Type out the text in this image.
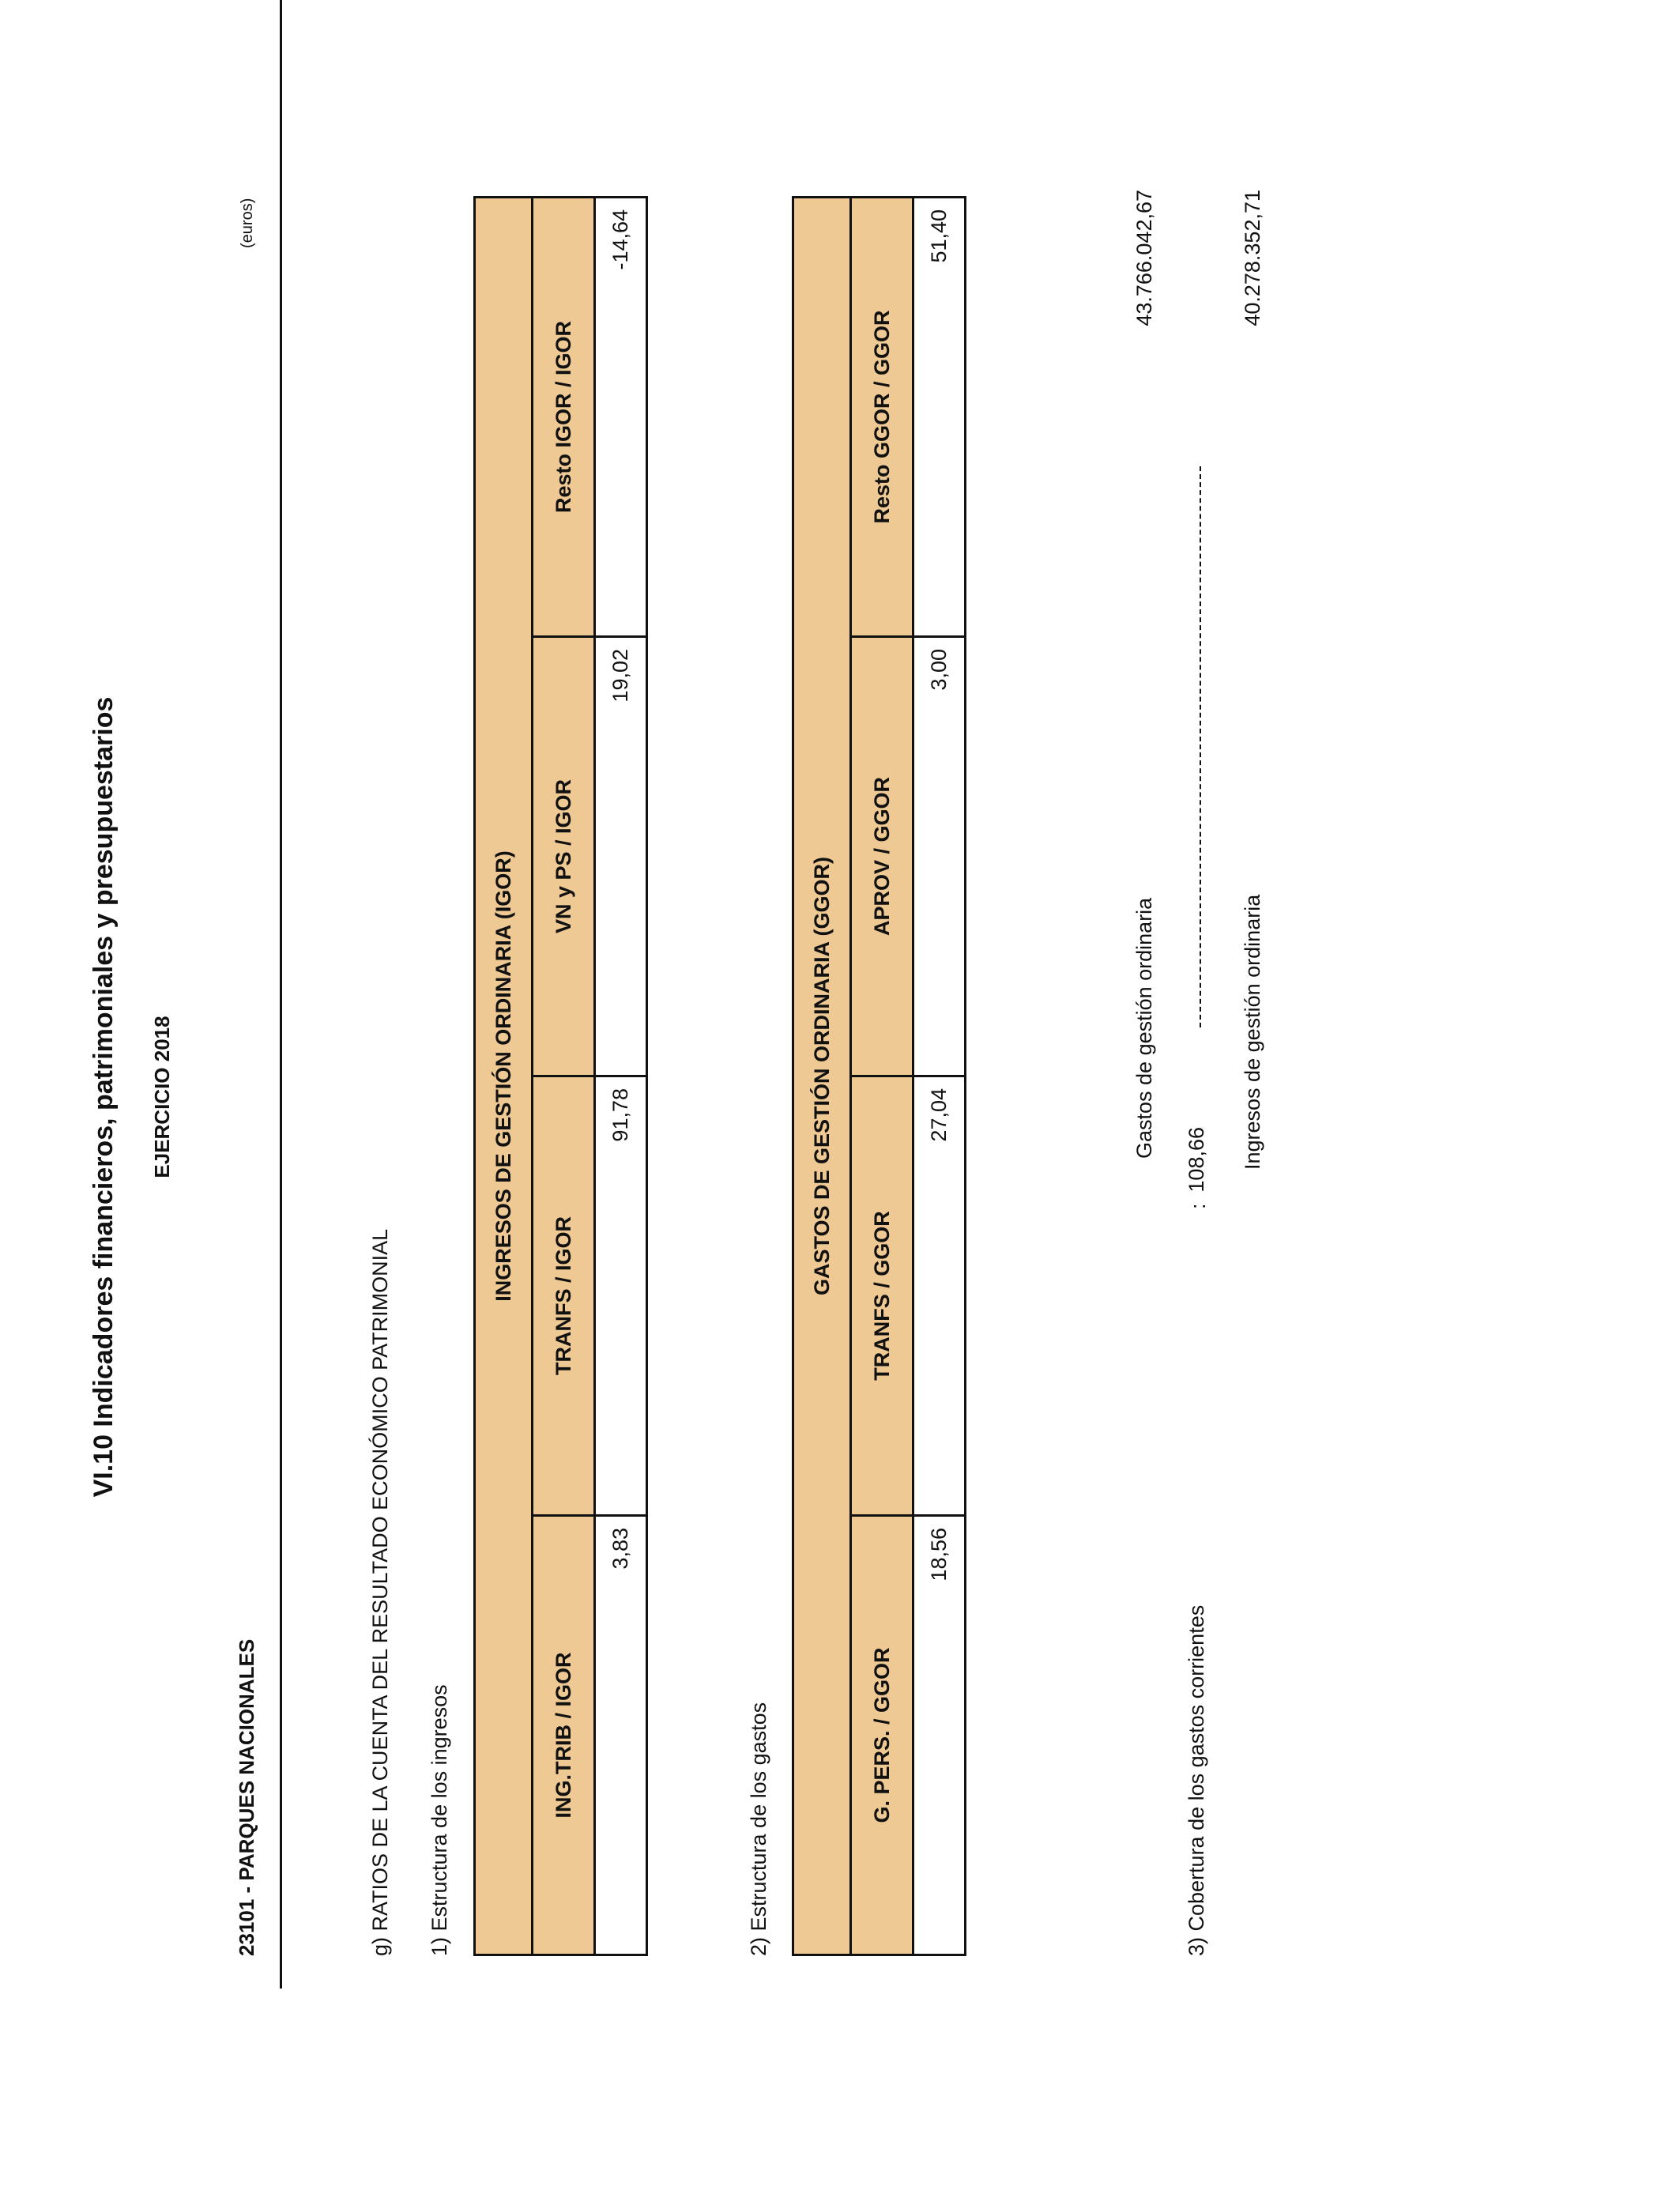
VI.10 Indicadores financieros, patrimoniales y presupuestarios EJERCICIO 2018
23101 - PARQUES NACIONALES
(euros)
g) RATIOS DE LA CUENTA DEL RESULTADO ECONÓMICO PATRIMONIAL 1) Estructura de los ingresos
INGRESOS DE GESTIÓN ORDINARIA (IGOR)			
ING.TRIB / IGOR	TRANFS / IGOR	VN y PS / IGOR	Resto IGOR / IGOR
3,83	91,78	19,02	-14,64
2) Estructura de los gastos
GASTOS DE GESTIÓN ORDINARIA (GGOR)			
G. PERS. / GGOR	TRANFS / GGOR	APROV / GGOR	Resto GGOR / GGOR
18,56	27,04	3,00	51,40
Gastos de gestión ordinaria
43.766.042,67
3) Cobertura de los gastos corrientes
108,66
:
Ingresos de gestión ordinaria
40.278.352,71
